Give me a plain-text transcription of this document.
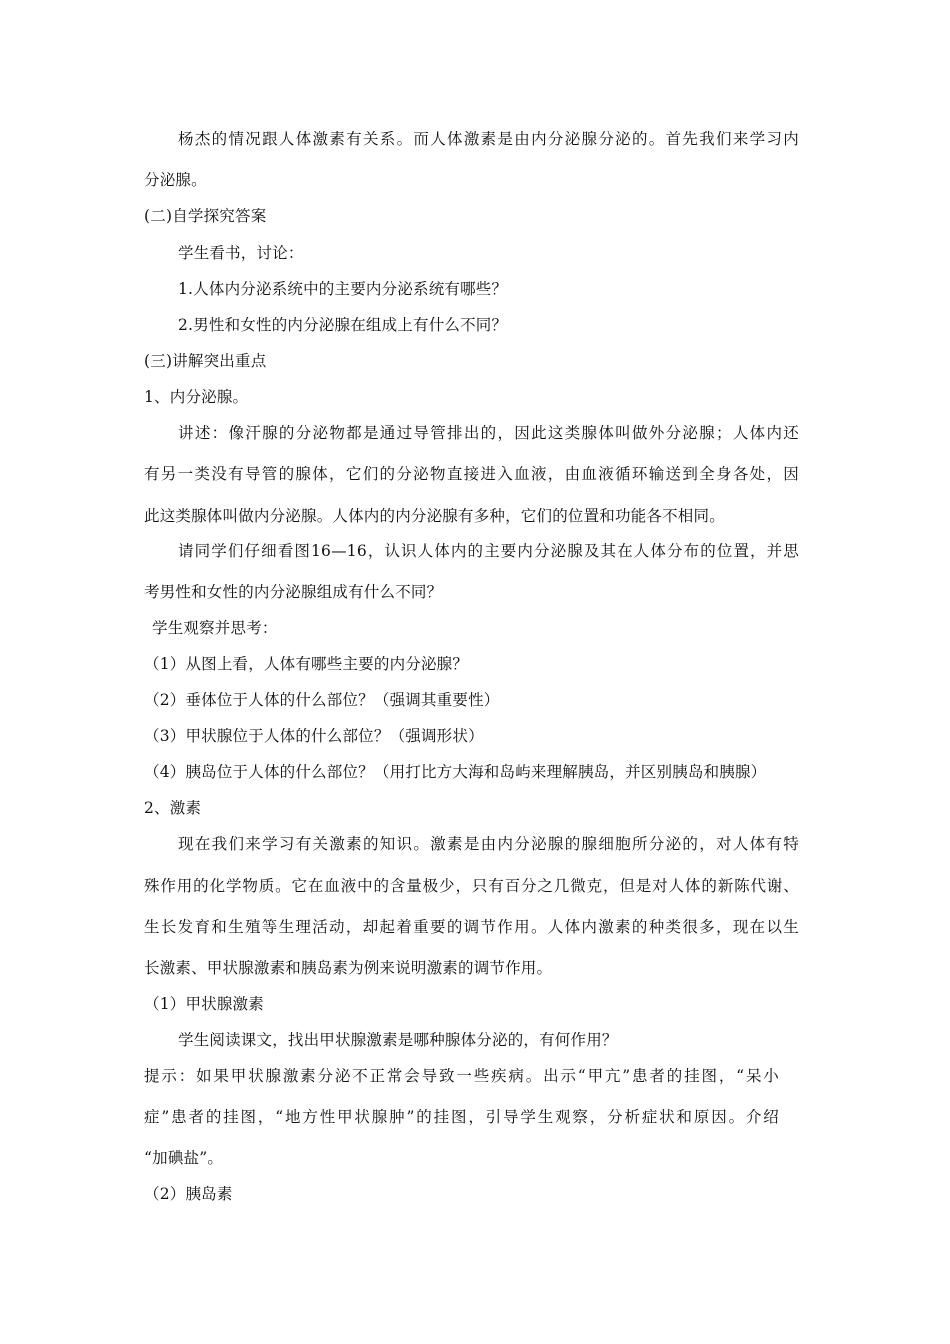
杨杰的情况跟人体激素有关系。而人体激素是由内分泌腺分泌的。首先我们来学习内
分泌腺。
(二)自学探究答案
学生看书，讨论：
1.人体内分泌系统中的主要内分泌系统有哪些？
2.男性和女性的内分泌腺在组成上有什么不同？
(三)讲解突出重点
1、内分泌腺。
讲述：像汗腺的分泌物都是通过导管排出的，因此这类腺体叫做外分泌腺；人体内还
有另一类没有导管的腺体，它们的分泌物直接进入血液，由血液循环输送到全身各处，因
此这类腺体叫做内分泌腺。人体内的内分泌腺有多种，它们的位置和功能各不相同。
请同学们仔细看图16—16，认识人体内的主要内分泌腺及其在人体分布的位置，并思
考男性和女性的内分泌腺组成有什么不同？
学生观察并思考：
（1）从图上看，人体有哪些主要的内分泌腺？
（2）垂体位于人体的什么部位？（强调其重要性）
（3）甲状腺位于人体的什么部位？（强调形状）
（4）胰岛位于人体的什么部位？（用打比方大海和岛屿来理解胰岛，并区别胰岛和胰腺）
2、激素
现在我们来学习有关激素的知识。激素是由内分泌腺的腺细胞所分泌的，对人体有特
殊作用的化学物质。它在血液中的含量极少，只有百分之几微克，但是对人体的新陈代谢、
生长发育和生殖等生理活动，却起着重要的调节作用。人体内激素的种类很多，现在以生
长激素、甲状腺激素和胰岛素为例来说明激素的调节作用。
（1）甲状腺激素
学生阅读课文，找出甲状腺激素是哪种腺体分泌的，有何作用？
提示：如果甲状腺激素分泌不正常会导致一些疾病。出示“甲亢”患者的挂图，“呆小
症”患者的挂图，“地方性甲状腺肿”的挂图，引导学生观察，分析症状和原因。介绍
“加碘盐”。
（2）胰岛素
